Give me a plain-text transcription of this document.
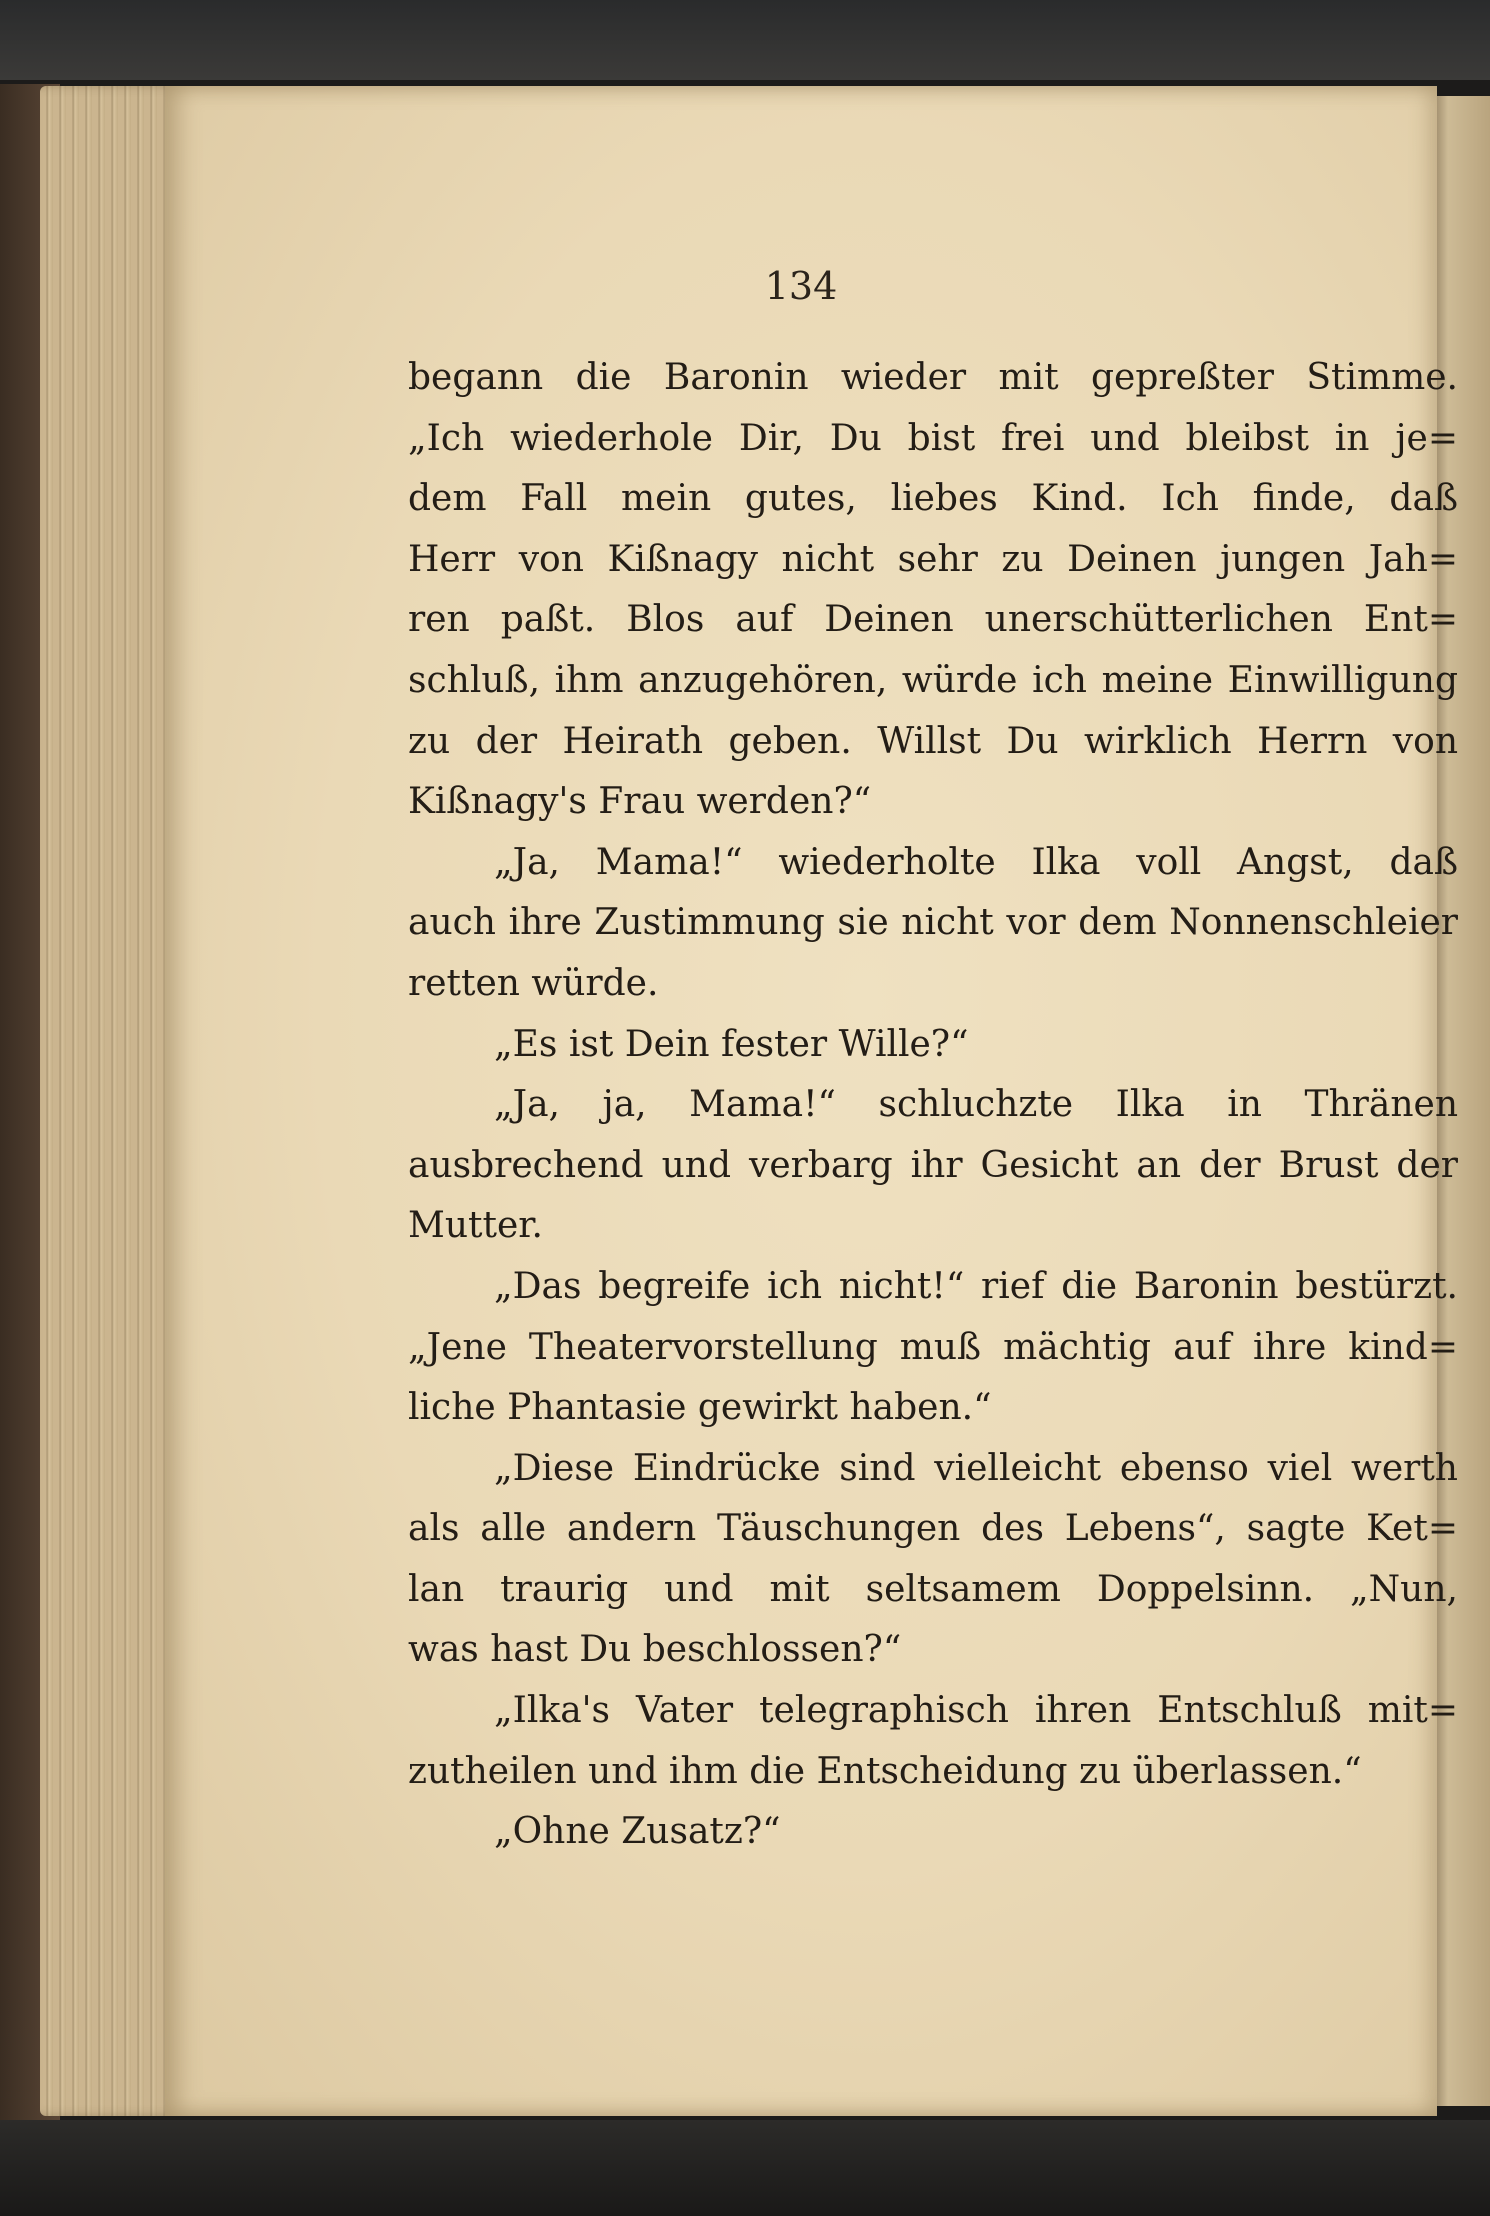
134
begann die Baronin wieder mit gepreßter Stimme.
„Ich wiederhole Dir, Du bist frei und bleibst in je=
dem Fall mein gutes, liebes Kind. Ich finde, daß
Herr von Kißnagy nicht sehr zu Deinen jungen Jah=
ren paßt. Blos auf Deinen unerschütterlichen Ent=
schluß, ihm anzugehören, würde ich meine Einwilligung
zu der Heirath geben. Willst Du wirklich Herrn von
Kißnagy's Frau werden?“
„Ja, Mama!“ wiederholte Ilka voll Angst, daß
auch ihre Zustimmung sie nicht vor dem Nonnenschleier
retten würde.
„Es ist Dein fester Wille?“
„Ja, ja, Mama!“ schluchzte Ilka in Thränen
ausbrechend und verbarg ihr Gesicht an der Brust der
Mutter.
„Das begreife ich nicht!“ rief die Baronin bestürzt.
„Jene Theatervorstellung muß mächtig auf ihre kind=
liche Phantasie gewirkt haben.“
„Diese Eindrücke sind vielleicht ebenso viel werth
als alle andern Täuschungen des Lebens“, sagte Ket=
lan traurig und mit seltsamem Doppelsinn. „Nun,
was hast Du beschlossen?“
„Ilka's Vater telegraphisch ihren Entschluß mit=
zutheilen und ihm die Entscheidung zu überlassen.“
„Ohne Zusatz?“
